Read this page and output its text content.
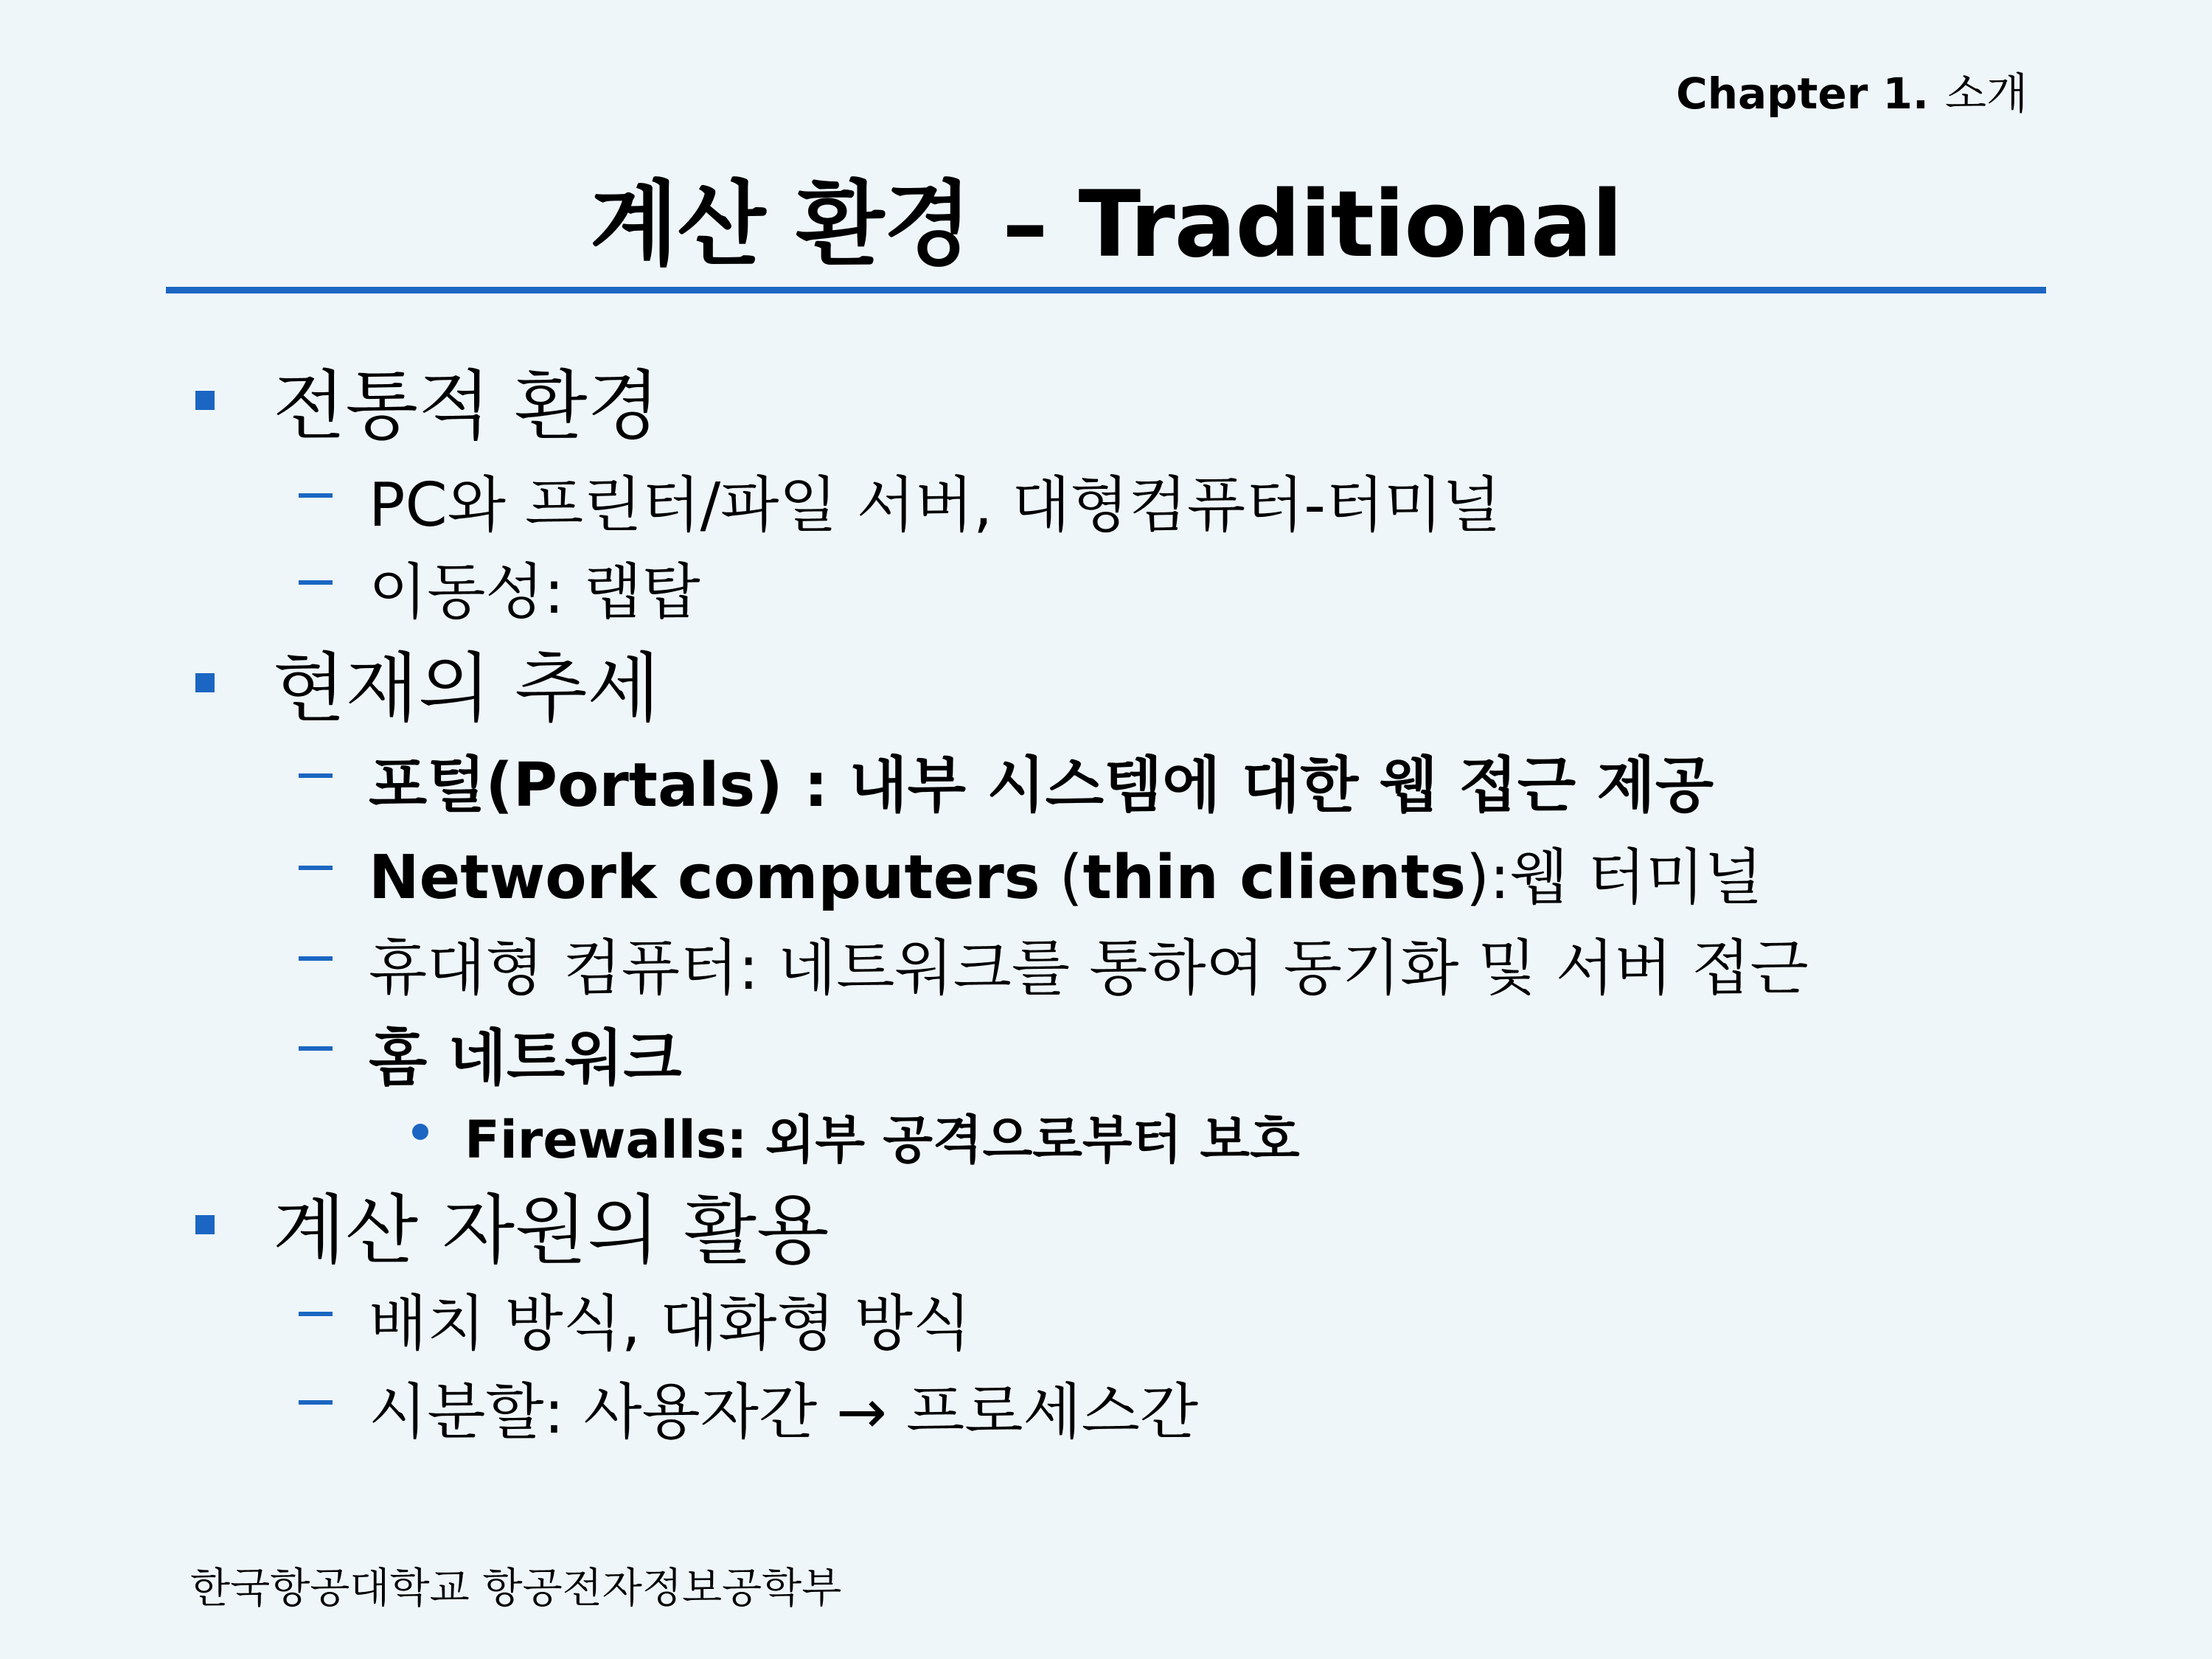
Chapter 1. 소개
계산 환경 – Traditional
전통적 환경
PC와 프린터/파일 서버, 대형컴퓨터-터미널
이동성: 랩탑
현재의 추세
포털(Portals) : 내부 시스템에 대한 웹 접근 제공
Network computers (thin clients):웹 터미널
휴대형 컴퓨터: 네트워크를 통하여 동기화 및 서버 접근
홈 네트워크
Firewalls: 외부 공격으로부터 보호
계산 자원의 활용
배치 방식, 대화형 방식
시분할: 사용자간 → 프로세스간
한국항공대학교 항공전자정보공학부
